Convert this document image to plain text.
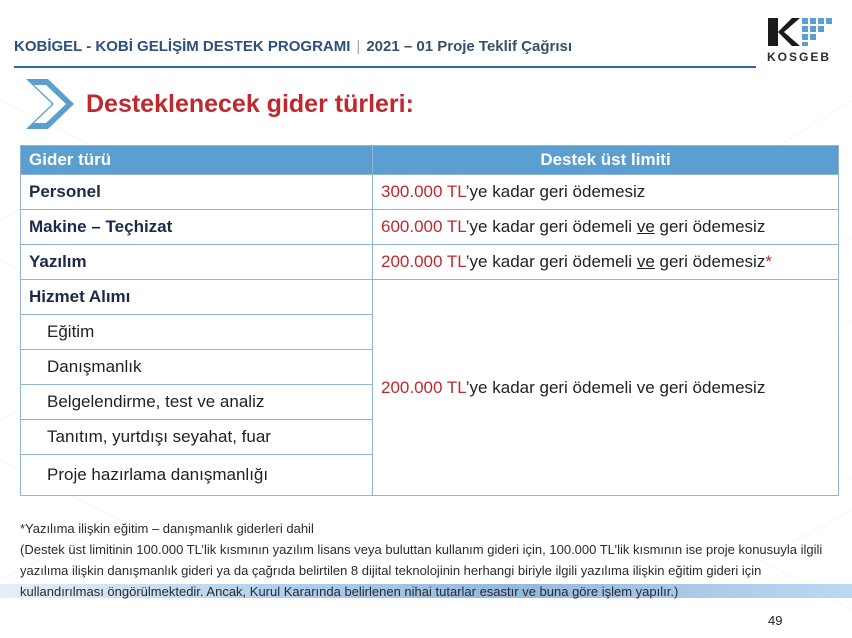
KOBİGEL - KOBİ GELİŞİM DESTEK PROGRAMI | 2021 – 01 Proje Teklif Çağrısı
KOSGEB
Desteklenecek gider türleri:
Gider türü	Destek üst limiti
Personel	300.000 TL’ye kadar geri ödemesiz
Makine – Teçhizat	600.000 TL’ye kadar geri ödemeli ve geri ödemesiz
Yazılım	200.000 TL’ye kadar geri ödemeli ve geri ödemesiz*
Hizmet Alımı	200.000 TL’ye kadar geri ödemeli ve geri ödemesiz
Eğitim	
Danışmanlık	
Belgelendirme, test ve analiz	
Tanıtım, yurtdışı seyahat, fuar	
Proje hazırlama danışmanlığı	
*Yazılıma ilişkin eğitim – danışmanlık giderleri dahil
(Destek üst limitinin 100.000 TL’lik kısmının yazılım lisans veya buluttan kullanım gideri için, 100.000 TL’lik kısmının ise proje konusuyla ilgili yazılıma ilişkin danışmanlık gideri ya da çağrıda belirtilen 8 dijital teknolojinin herhangi biriyle ilgili yazılıma ilişkin eğitim gideri için kullandırılması öngörülmektedir. Ancak, Kurul Kararında belirlenen nihai tutarlar esastır ve buna göre işlem yapılır.)
49
